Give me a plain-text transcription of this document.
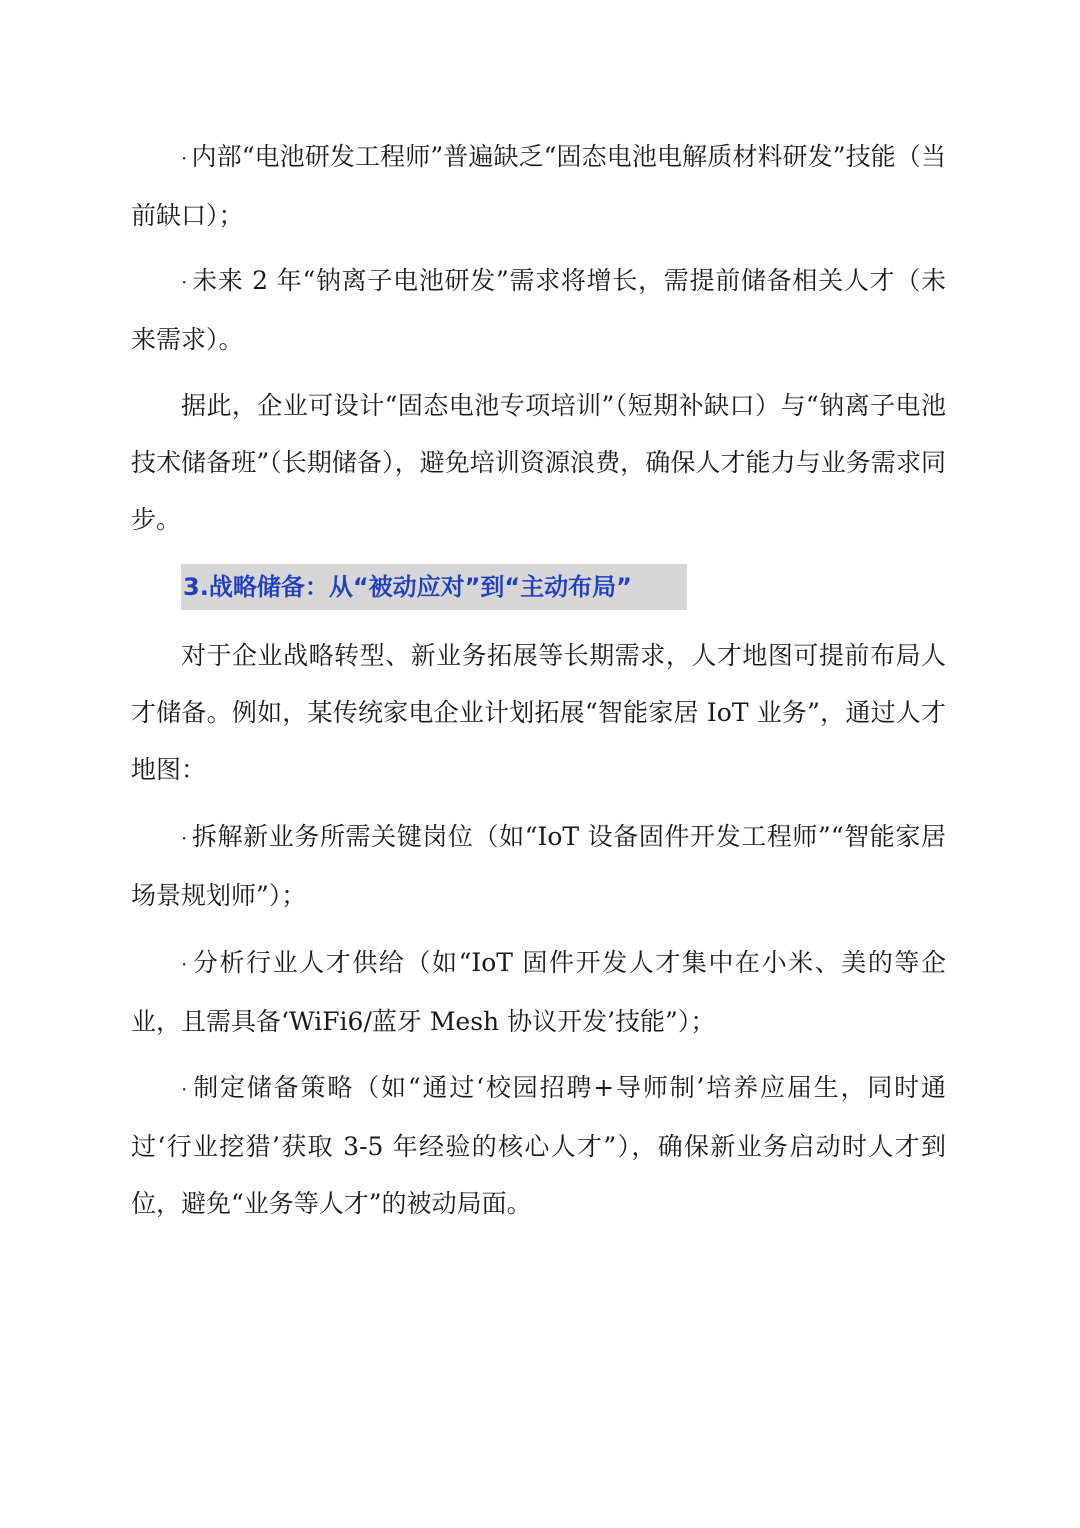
· 内部“电池研发工程师”普遍缺乏“固态电池电解质材料研发”技能（当前缺口）；

· 未来 2 年“钠离子电池研发”需求将增长，需提前储备相关人才（未来需求）。

据此，企业可设计“固态电池专项培训”（短期补缺口）与“钠离子电池技术储备班”（长期储备），避免培训资源浪费，确保人才能力与业务需求同步。

3.战略储备：从“被动应对”到“主动布局”

对于企业战略转型、新业务拓展等长期需求，人才地图可提前布局人才储备。例如，某传统家电企业计划拓展“智能家居 IoT 业务”，通过人才地图：

· 拆解新业务所需关键岗位（如“IoT 设备固件开发工程师”“智能家居场景规划师”）；

· 分析行业人才供给（如“IoT 固件开发人才集中在小米、美的等企业，且需具备‘WiFi6/蓝牙 Mesh 协议开发’技能”）；

· 制定储备策略（如“通过‘校园招聘+导师制’培养应届生，同时通过‘行业挖猎’获取 3-5 年经验的核心人才”），确保新业务启动时人才到位，避免“业务等人才”的被动局面。
